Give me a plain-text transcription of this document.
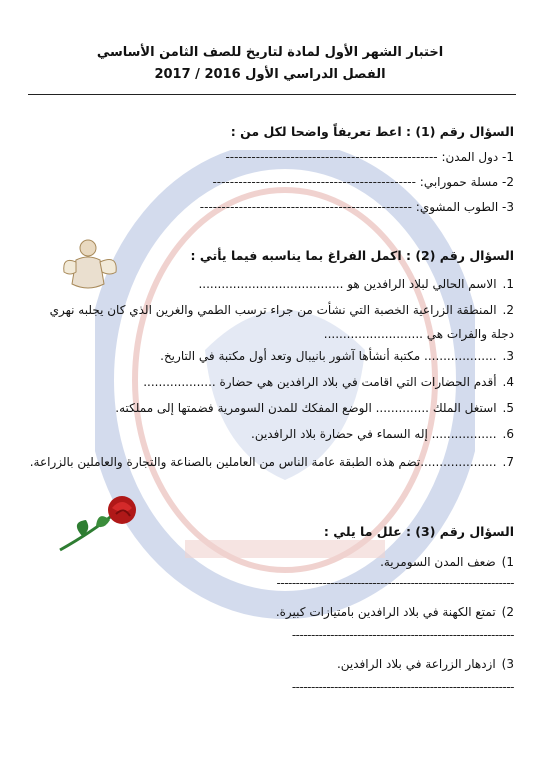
اختبار الشهر الأول لمادة لتاريخ للصف الثامن الأساسي
الفصل الدراسي الأول 2016 / 2017
السؤال رقم (1) : اعط تعريفاً واضحا لكل من :
1- دول المدن: -------------------------------------------------
2- مسلة حمورابي: -----------------------------------------------
3- الطوب المشوي: -------------------------------------------------
السؤال رقم (2) : اكمل الفراغ بما يناسبه فيما يأتي :
1.الاسم الحالي لبلاد الرافدين هو ......................................
2.المنطقة الزراعية الخصبة التي نشأت من جراء ترسب الطمي والغرين الذي كان يجلبه نهري دجلة والفرات هي ..........................
3.................... مكتبة أنشأها آشور بانيبال وتعد أول مكتبة في التاريخ.
4.أقدم الحضارات التي اقامت في بلاد الرافدين هي حضارة ...................
5.استغل الملك .............. الوضع المفكك للمدن السومرية فضمتها إلى مملكته.
6.................. إله السماء في حضارة بلاد الرافدين.
7.....................تضم هذه الطبقة عامة الناس من العاملين بالصناعة والتجارة والعاملين بالزراعة.
السؤال رقم (3) : علل ما يلي :
1)ضعف المدن السومرية.
--------------------------------------------------------------
2)تمتع الكهنة في بلاد الرافدين بامتيازات كبيرة.
----------------------------------------------------------
3)ازدهار الزراعة في بلاد الرافدين.
----------------------------------------------------------
